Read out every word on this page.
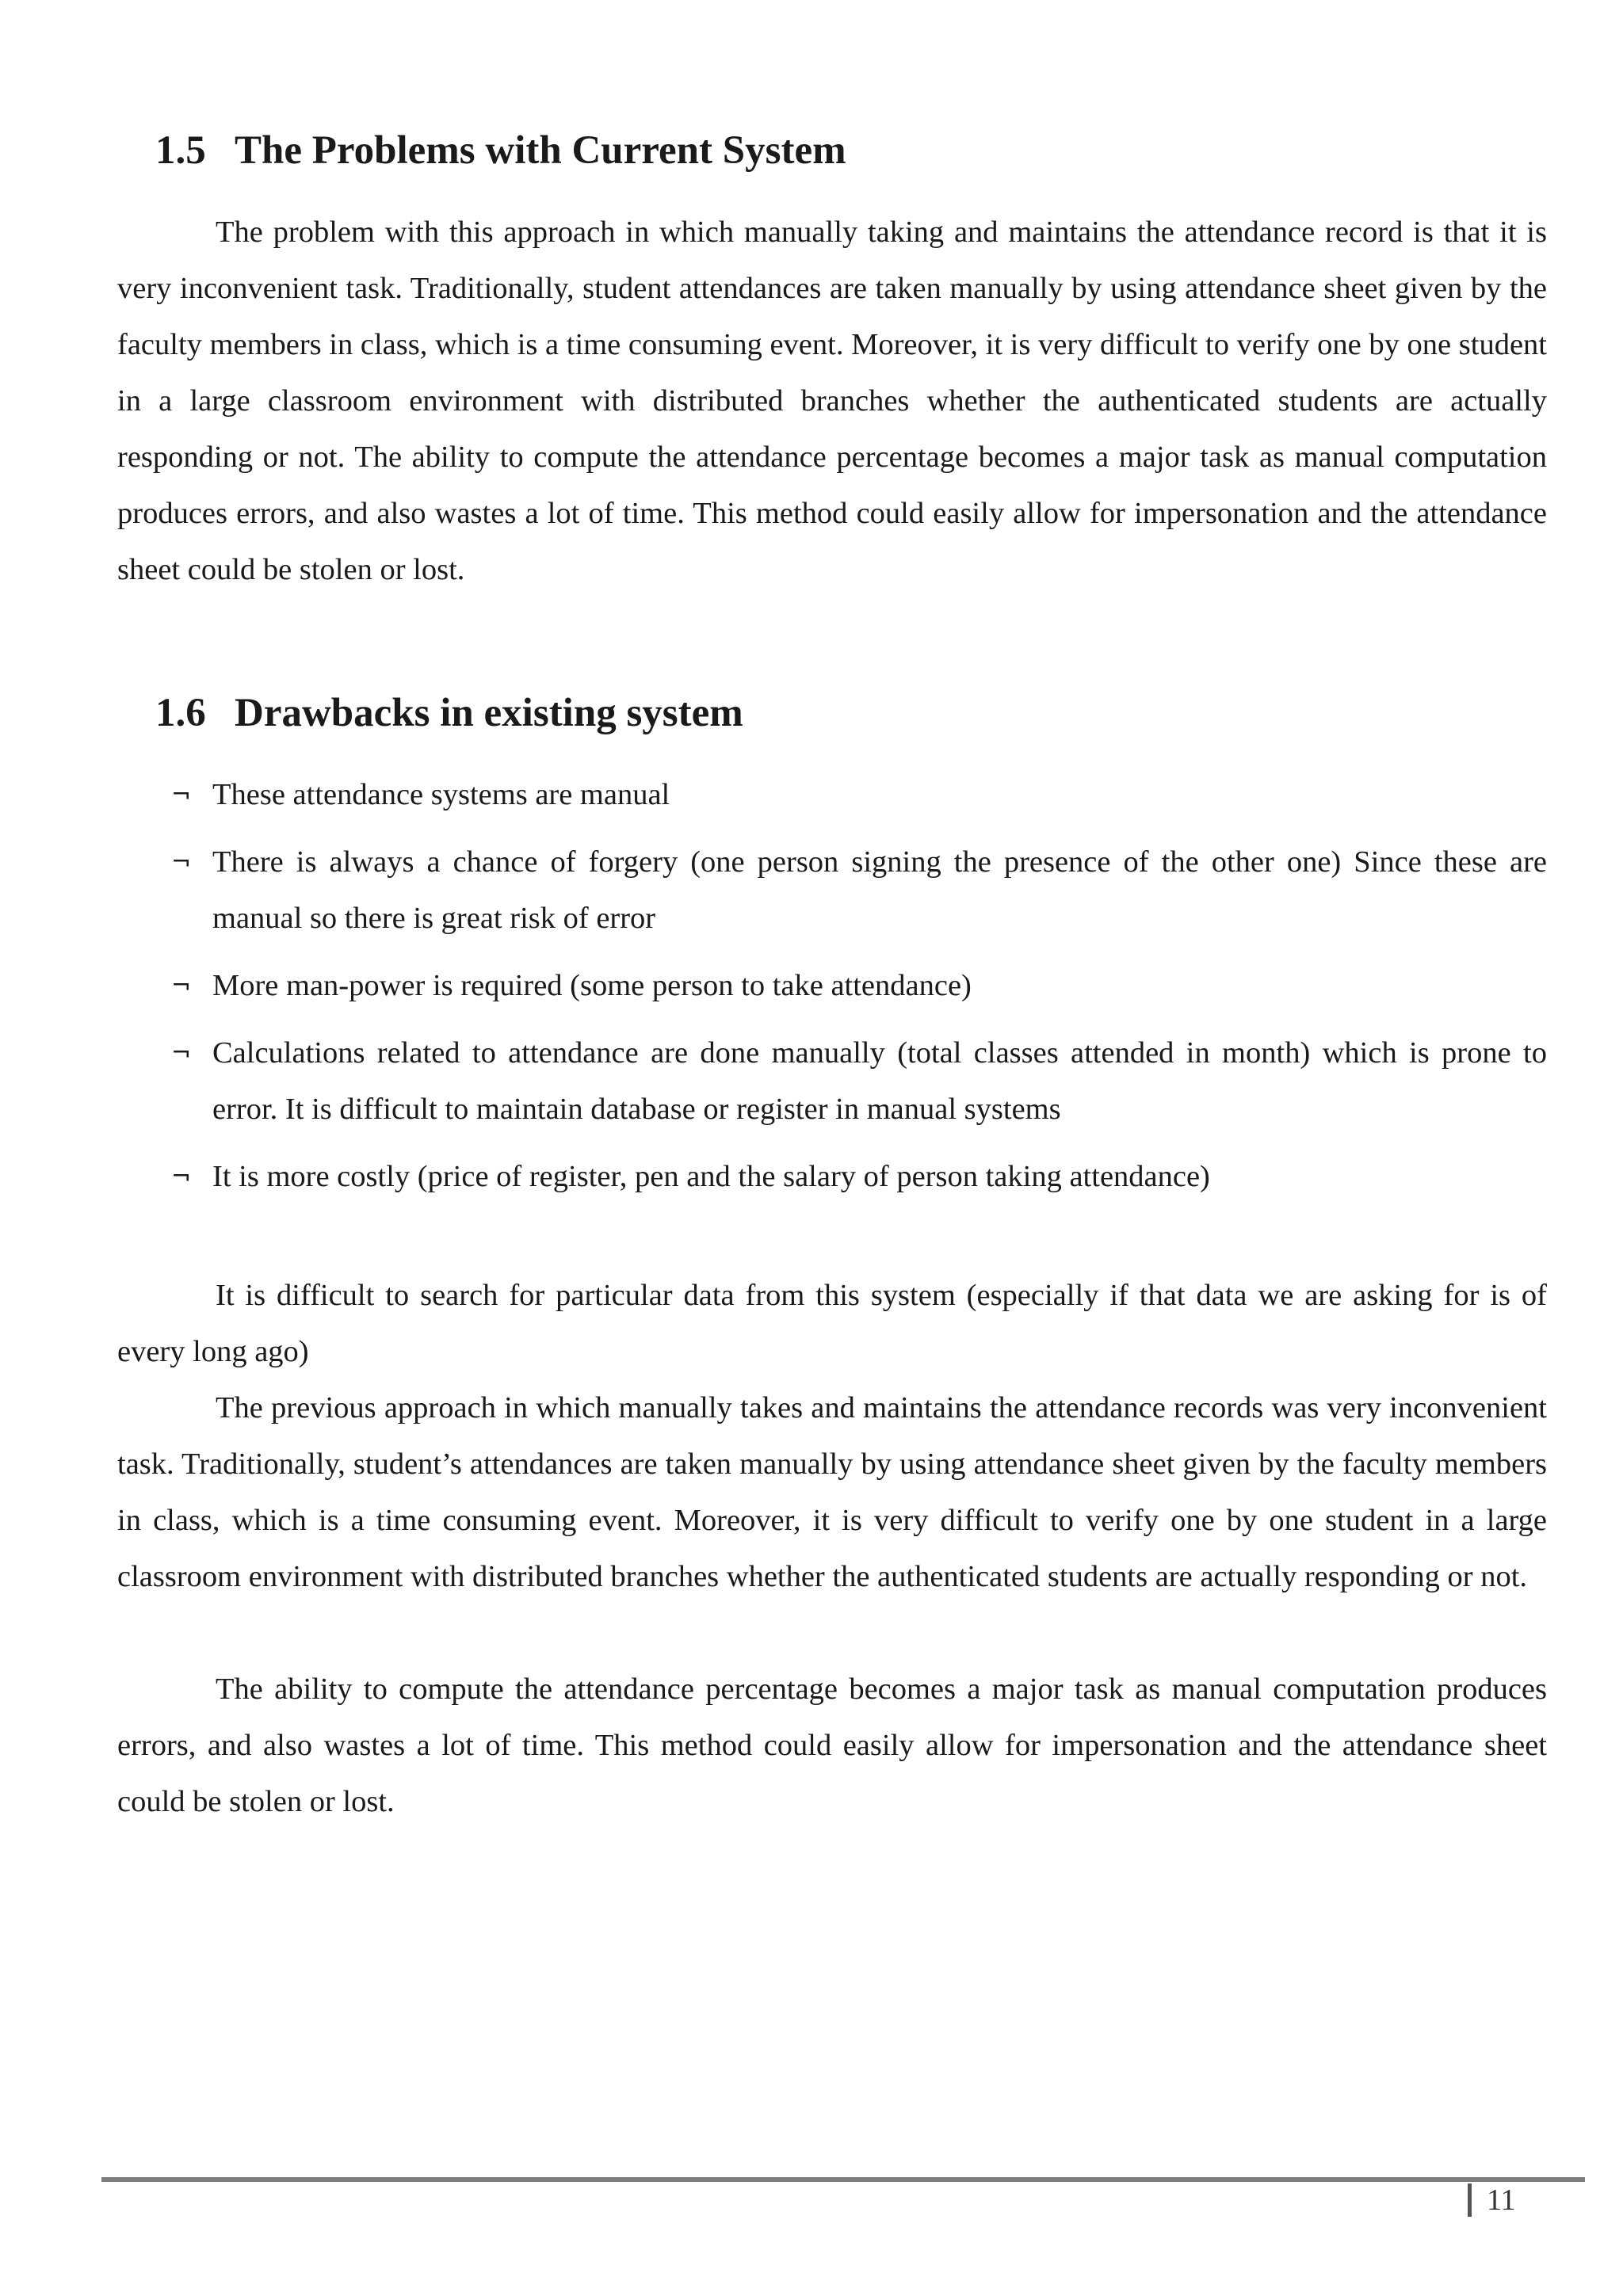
1.5 The Problems with Current System

The problem with this approach in which manually taking and maintains the attendance record is that it is very inconvenient task. Traditionally, student attendances are taken manually by using attendance sheet given by the faculty members in class, which is a time consuming event. Moreover, it is very difficult to verify one by one student in a large classroom environment with distributed branches whether the authenticated students are actually responding or not. The ability to compute the attendance percentage becomes a major task as manual computation produces errors, and also wastes a lot of time. This method could easily allow for impersonation and the attendance sheet could be stolen or lost.

1.6 Drawbacks in existing system
¬ These attendance systems are manual
¬ There is always a chance of forgery (one person signing the presence of the other one) Since these are manual so there is great risk of error
¬ More man-power is required (some person to take attendance)
¬ Calculations related to attendance are done manually (total classes attended in month) which is prone to error. It is difficult to maintain database or register in manual systems
¬ It is more costly (price of register, pen and the salary of person taking attendance)

It is difficult to search for particular data from this system (especially if that data we are asking for is of every long ago)

The previous approach in which manually takes and maintains the attendance records was very inconvenient task. Traditionally, student’s attendances are taken manually by using attendance sheet given by the faculty members in class, which is a time consuming event. Moreover, it is very difficult to verify one by one student in a large classroom environment with distributed branches whether the authenticated students are actually responding or not.

The ability to compute the attendance percentage becomes a major task as manual computation produces errors, and also wastes a lot of time. This method could easily allow for impersonation and the attendance sheet could be stolen or lost.

11
